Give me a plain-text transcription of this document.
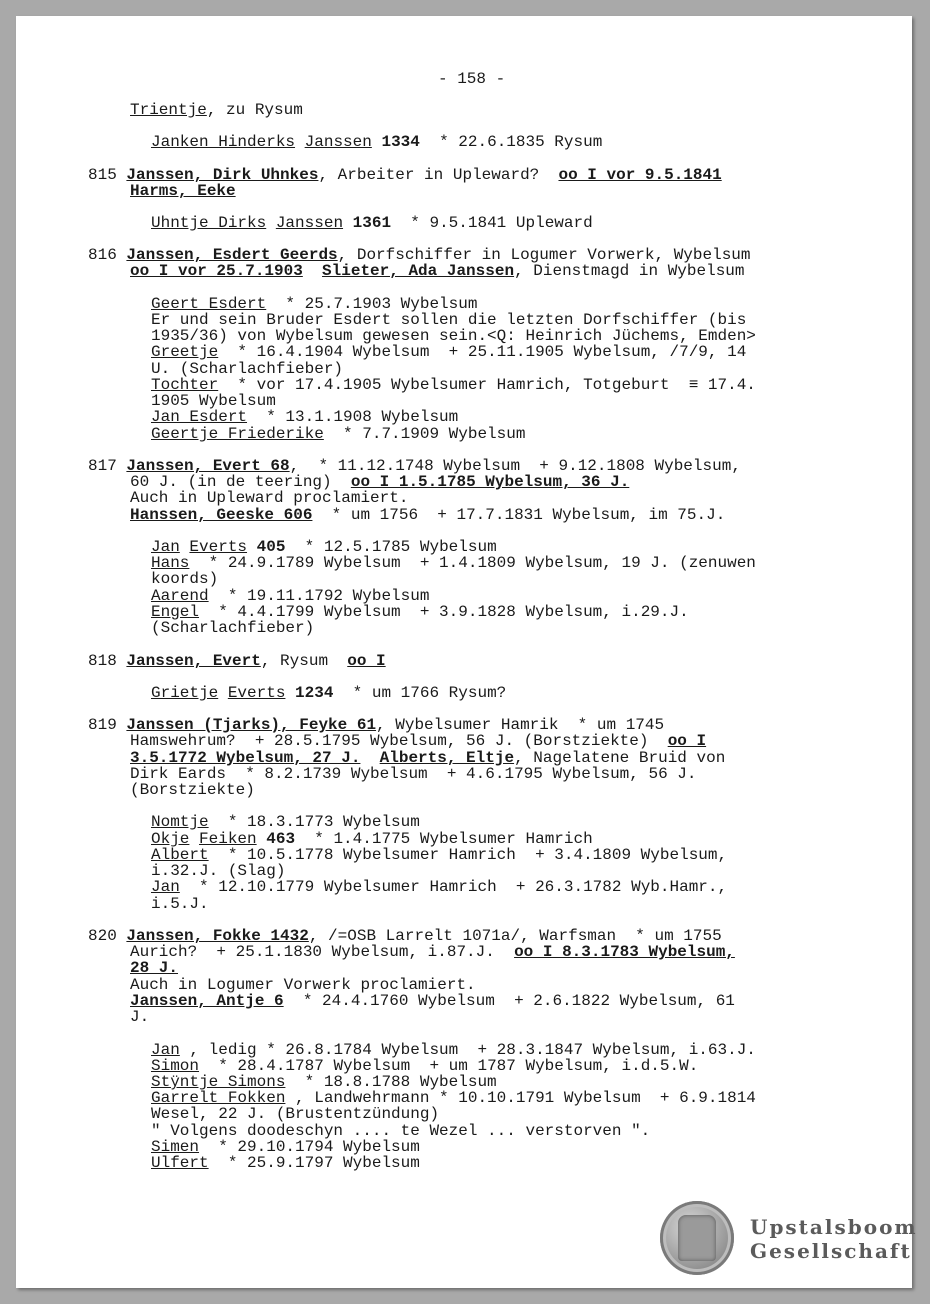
- 158 -

Trientje, zu Rysum
Janken Hinderks Janssen 1334  * 22.6.1835 Rysum
815 Janssen, Dirk Uhnkes, Arbeiter in Upleward?  oo I vor 9.5.1841
Harms, Eeke
Uhntje Dirks Janssen 1361  * 9.5.1841 Upleward
816 Janssen, Esdert Geerds, Dorfschiffer in Logumer Vorwerk, Wybelsum
oo I vor 25.7.1903 Slieter, Ada Janssen, Dienstmagd in Wybelsum
Geert Esdert  * 25.7.1903 Wybelsum
Er und sein Bruder Esdert sollen die letzten Dorfschiffer (bis
1935/36) von Wybelsum gewesen sein.<Q: Heinrich Jüchems, Emden>
Greetje  * 16.4.1904 Wybelsum  + 25.11.1905 Wybelsum, /7/9, 14
U. (Scharlachfieber)
Tochter  * vor 17.4.1905 Wybelsumer Hamrich, Totgeburt  ≡ 17.4.
1905 Wybelsum
Jan Esdert  * 13.1.1908 Wybelsum
Geertje Friederike  * 7.7.1909 Wybelsum
817 Janssen, Evert 68,  * 11.12.1748 Wybelsum  + 9.12.1808 Wybelsum,
60 J. (in de teering)  oo I 1.5.1785 Wybelsum, 36 J.
Auch in Upleward proclamiert.
Hanssen, Geeske 606  * um 1756  + 17.7.1831 Wybelsum, im 75.J.
Jan Everts 405  * 12.5.1785 Wybelsum
Hans  * 24.9.1789 Wybelsum  + 1.4.1809 Wybelsum, 19 J. (zenuwen
koords)
Aarend  * 19.11.1792 Wybelsum
Engel  * 4.4.1799 Wybelsum  + 3.9.1828 Wybelsum, i.29.J.
(Scharlachfieber)
818 Janssen, Evert, Rysum  oo I
Grietje Everts 1234  * um 1766 Rysum?
819 Janssen (Tjarks), Feyke 61, Wybelsumer Hamrik  * um 1745
Hamswehrum?  + 28.5.1795 Wybelsum, 56 J. (Borstziekte)  oo I
3.5.1772 Wybelsum, 27 J. Alberts, Eltje, Nagelatene Bruid von
Dirk Eards  * 8.2.1739 Wybelsum  + 4.6.1795 Wybelsum, 56 J.
(Borstziekte)
Nomtje  * 18.3.1773 Wybelsum
Okje Feiken 463  * 1.4.1775 Wybelsumer Hamrich
Albert  * 10.5.1778 Wybelsumer Hamrich  + 3.4.1809 Wybelsum,
i.32.J. (Slag)
Jan  * 12.10.1779 Wybelsumer Hamrich  + 26.3.1782 Wyb.Hamr.,
i.5.J.
820 Janssen, Fokke 1432, /=OSB Larrelt 1071a/, Warfsman  * um 1755
Aurich?  + 25.1.1830 Wybelsum, i.87.J.  oo I 8.3.1783 Wybelsum,
28 J.
Auch in Logumer Vorwerk proclamiert.
Janssen, Antje 6  * 24.4.1760 Wybelsum  + 2.6.1822 Wybelsum, 61
J.
Jan , ledig * 26.8.1784 Wybelsum  + 28.3.1847 Wybelsum, i.63.J.
Simon  * 28.4.1787 Wybelsum  + um 1787 Wybelsum, i.d.5.W.
Stÿntje Simons  * 18.8.1788 Wybelsum
Garrelt Fokken , Landwehrmann * 10.10.1791 Wybelsum  + 6.9.1814
Wesel, 22 J. (Brustentzündung)
" Volgens doodeschyn .... te Wezel ... verstorven ".
Simen  * 29.10.1794 Wybelsum
Ulfert  * 25.9.1797 Wybelsum
Upstalsboom
Gesellschaft
